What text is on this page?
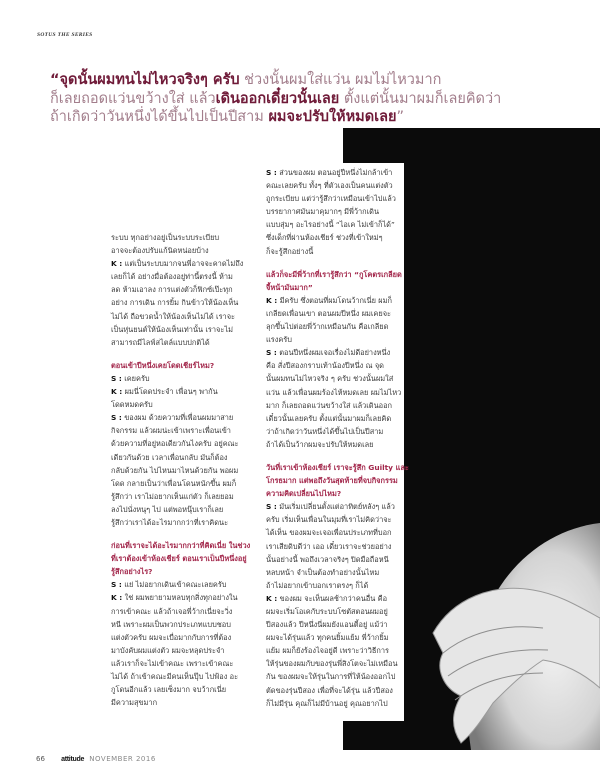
SOTUS THE SERIES
“จุดนั้นผมทนไม่ไหวจริงๆ ครับ ช่วงนั้นผมใส่แว่น ผมไม่ไหวมาก
ก็เลยถอดแว่นขว้างใส่ แล้วเดินออกเดี๋ยวนั้นเลย ตั้งแต่นั้นมาผมก็เลยคิดว่า
ถ้าเกิดว่าวันหนึ่งได้ขึ้นไปเป็นปีสาม ผมจะปรับให้หมดเลย”
ระบบ ทุกอย่างอยู่เป็นระบบระเบียบ
อาจจะต้องปรับแก้นิดหน่อยบ้าง
K : แต่เป็นระบบมากจนพี่อาจจะคาดไม่ถึง
เลยก็ได้ อย่างมื่อต้องอยู่ท่านี้ตรงนี้ ห้าม
ลด ห้ามเอาลง การแต่งตัวก็ฟิกซ์เป๊ะทุก
อย่าง การเดิน การยิ้ม กินข้าวให้น้องเห็น
ไม่ได้ ถือขวดน้ำให้น้องเห็นไม่ได้ เราจะ
เป็นหุ่นยนต์ให้น้องเห็นเท่านั้น เราจะไม่
สามารถมีไลฟ์สไตล์แบบปกติได้
ตอนเข้าปีหนึ่งเคยโดดเชียร์ไหม?
S : เคยครับ
K : ผมนี่โดดประจำ เพื่อนๆ พากัน
โดดหมดครับ
S : ของผม ด้วยความที่เพื่อนผมมาสาย
กิจกรรม แล้วผมน่ะเข้าเพราะเพื่อนเข้า
ด้วยความที่อยู่หอเดียวกันไงครับ อยู่คณะ
เดียวกันด้วย เวลาเพื่อนกลับ มันก็ต้อง
กลับด้วยกัน ไปไหนมาไหนด้วยกัน พอผม
โดด กลายเป็นว่าเพื่อนโดนหนักขึ้น ผมก็
รู้สึกว่า เราไม่อยากเห็นแก่ตัว ก็เลยยอม
ลงไปนั่งหนุๆ ไป แต่พอหนุ๊บเราก็เลย
รู้สึกว่าเราได้อะไรมากกว่าที่เราคิดนะ
ก่อนที่เราจะได้อะไรมากกว่าที่คิดเนี่ย ในช่วง
ที่เราต้องเข้าห้องเชียร์ ตอนเราเป็นปีหนึ่งอยู่
รู้สึกอย่างไร?
S : แย่ ไม่อยากเดินเข้าคณะเลยครับ
K : ใช่ ผมพยายามหลบทุกสิ่งทุกอย่างใน
การเข้าคณะ แล้วถ้าเจอพี่ว้ากเนี่ยจะวิ่ง
หนี เพราะผมเป็นพวกประเภทแบบชอบ
แต่งตัวครับ ผมจะเบื่อมากกับการที่ต้อง
มาบังคับผมแต่งตัว ผมจะหลุดประจำ
แล้วเราก็จะไม่เข้าคณะ เพราะเข้าคณะ
ไม่ได้ ถ้าเข้าคณะมีคนเห็นปุ๊บ ไปฟ้อง อะ
กูโดนอีกแล้ว เลยเซ็งมาก จบว้ากเนี่ย
มีความสุขมาก
S : ส่วนของผม ตอนอยู่ปีหนึ่งไม่กล้าเข้า
คณะเลยครับ ทั้งๆ ที่ตัวเองเป็นคนแต่งตัว
ถูกระเบียบ แต่ว่ารู้สึกว่าเหมือนเข้าไปแล้ว
บรรยากาศมันมาคุมากๆ มีพี่ว้ากเดิน
แบบสุ่มๆ อะไรอย่างนี้ “ไอเค ไม่เข้าก็ได้”
ซึ่งเด็กที่ผ่านห้องเชียร์ ช่วงที่เข้าใหม่ๆ
ก็จะรู้สึกอย่างนี้
แล้วก็จะมีพี่ว้ากที่เรารู้สึกว่า “กูโคตรเกลียด
จี้หน้ามันมาก”
K : มีครับ ซึ่งตอนที่ผมโดนว้ากเนี่ย ผมก็
เกลียดเพื่อนเขา ตอนผมปีหนึ่ง ผมเคยจะ
ลุกขึ้นไปต่อยพี่ว้ากเหมือนกัน คือเกลียด
แรงครับ
S : ตอนปีหนึ่งผมเจอเรื่องไม่ดีอย่างหนึ่ง
คือ สั่งปีสองกราบเท้าน้องปีหนึ่ง ณ จุด
นั้นผมทนไม่ไหวจริง ๆ ครับ ช่วงนั้นผมใส่
แว่น แล้วเพื่อนผมร้องไห้หมดเลย ผมไม่ไหว
มาก ก็เลยถอดแว่นขว้างใส่ แล้วเดินออก
เดี๋ยวนั้นเลยครับ ตั้งแต่นั้นมาผมก็เลยคิด
ว่าถ้าเกิดว่าวันหนึ่งได้ขึ้นไปเป็นปีสาม
ถ้าได้เป็นว้ากผมจะปรับให้หมดเลย
วันที่เราเข้าห้องเชียร์ เราจะรู้สึก Guilty และ
โกรธมาก แต่พอถึงวันสุดท้ายที่จบกิจกรรม
ความคิดเปลี่ยนไปไหม?
S : มันเริ่มเปลี่ยนตั้งแต่อาทิตย์หลังๆ แล้ว
ครับ เริ่มเห็นเพื่อนในมุมที่เราไม่คิดว่าจะ
ได้เห็น ของผมจะเจอเพื่อนประเภทที่บอก
เราเสียดิบดีว่า เออ เดี๋ยวเราจะช่วยอย่าง
นั้นอย่างนี้ พอถึงเวลาจริงๆ ปิดมือถือหนี
หลบหน้า จำเป็นต้องทำอย่างนั้นไหม
ถ้าไม่อยากเข้าบอกเราตรงๆ ก็ได้
K : ของผม จะเห็นผลช้ากว่าคนอื่น คือ
ผมจะเริ่มโอเคกับระบบโซตัสตอนผมอยู่
ปีสองแล้ว ปีหนึ่งนี่ผมยังแอนตี้อยู่ แม้ว่า
ผมจะได้รุ่นแล้ว ทุกคนยิ้มแย้ม พี่ว้ากยิ้ม
แย้ม ผมก็ยังร้องไจอยู่ดี เพราะว่าวิธีการ
ให้รุ่นของผมกับของรุ่นพี่สิงโตจะไม่เหมือน
กัน ของผมจะให้รุ่นในการที่ให้น้องออกไป
ตัดของรุ่นปีสอง เพื่อที่จะได้รุ่น แล้วปีสอง
ก็ไม่มีรุ่น คุณก็ไม่มีบ้านอยู่ คุณอยากไป
66 attitude NOVEMBER 2016
